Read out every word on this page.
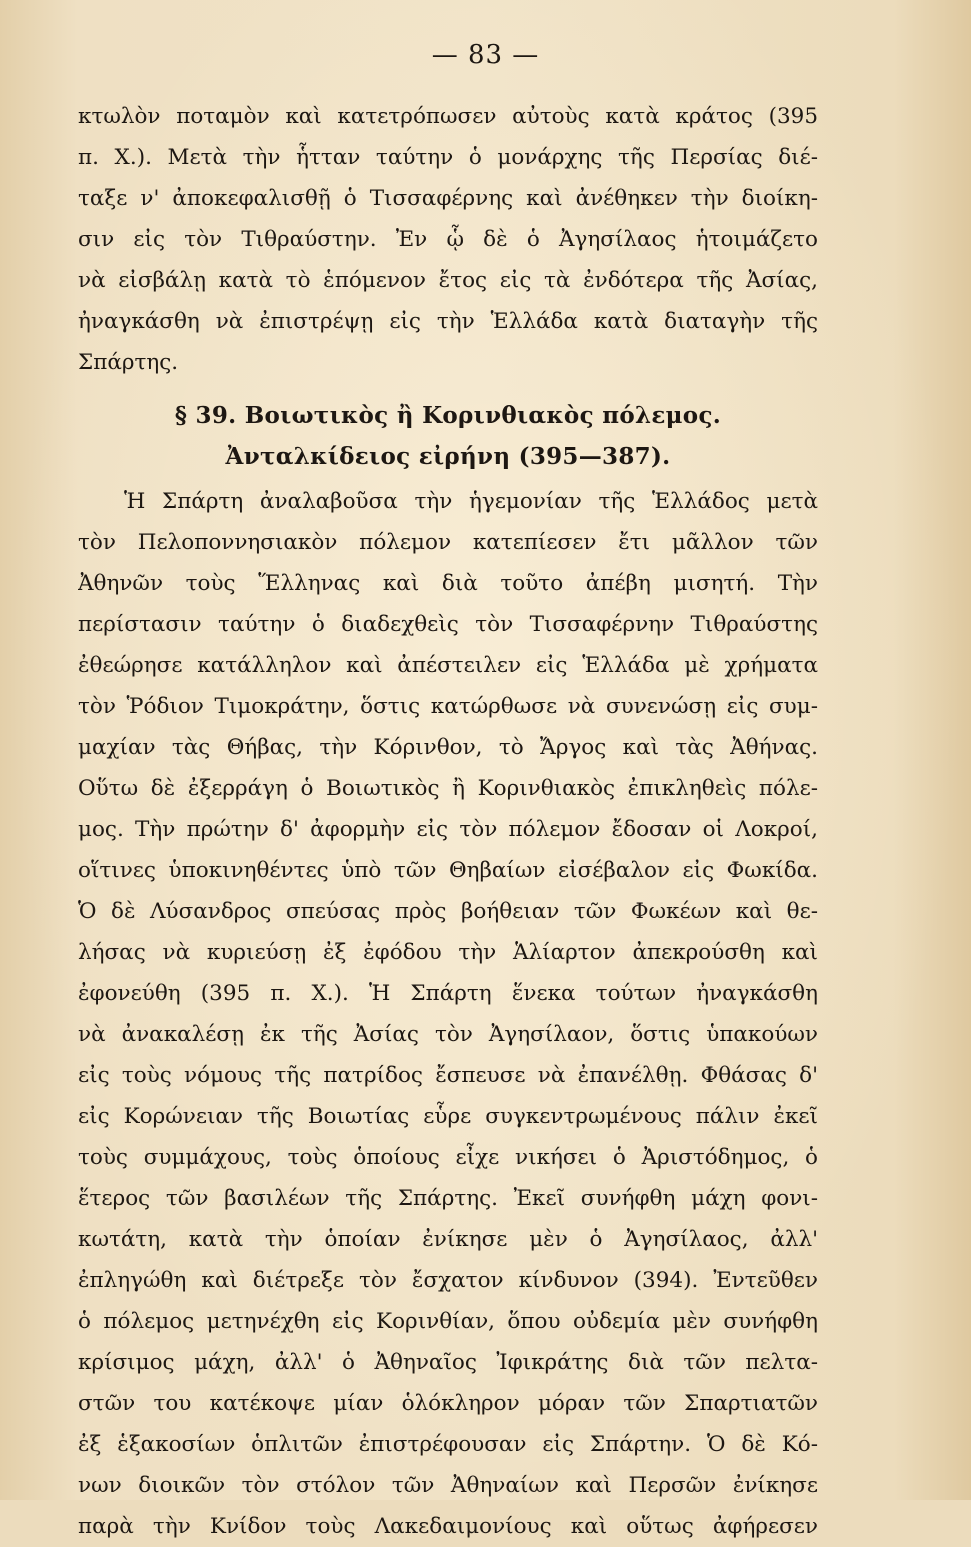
— 83 —
κτωλὸν ποταμὸν καὶ κατετρόπωσεν αὐτοὺς κατὰ κράτος (395
π. Χ.). Μετὰ τὴν ἧτταν ταύτην ὁ μονάρχης τῆς Περσίας διέ-
ταξε ν' ἀποκεφαλισθῇ ὁ Τισσαφέρνης καὶ ἀνέθηκεν τὴν διοίκη-
σιν εἰς τὸν Τιθραύστην. Ἐν ᾧ δὲ ὁ Ἀγησίλαος ἡτοιμάζετο
νὰ εἰσβάλῃ κατὰ τὸ ἑπόμενον ἔτος εἰς τὰ ἐνδότερα τῆς Ἀσίας,
ἠναγκάσθη νὰ ἐπιστρέψῃ εἰς τὴν Ἑλλάδα κατὰ διαταγὴν τῆς
Σπάρτης.
§ 39. Βοιωτικὸς ἢ Κορινθιακὸς πόλεμος.
Ἀνταλκίδειος εἰρήνη (395—387).
Ἡ Σπάρτη ἀναλαβοῦσα τὴν ἡγεμονίαν τῆς Ἑλλάδος μετὰ
τὸν Πελοποννησιακὸν πόλεμον κατεπίεσεν ἔτι μᾶλλον τῶν
Ἀθηνῶν τοὺς Ἕλληνας καὶ διὰ τοῦτο ἀπέβη μισητή. Τὴν
περίστασιν ταύτην ὁ διαδεχθεὶς τὸν Τισσαφέρνην Τιθραύστης
ἐθεώρησε κατάλληλον καὶ ἀπέστειλεν εἰς Ἑλλάδα μὲ χρήματα
τὸν Ῥόδιον Τιμοκράτην, ὅστις κατώρθωσε νὰ συνενώσῃ εἰς συμ-
μαχίαν τὰς Θήβας, τὴν Κόρινθον, τὸ Ἄργος καὶ τὰς Ἀθήνας.
Οὕτω δὲ ἐξερράγη ὁ Βοιωτικὸς ἢ Κορινθιακὸς ἐπικληθεὶς πόλε-
μος. Τὴν πρώτην δ' ἀφορμὴν εἰς τὸν πόλεμον ἔδοσαν οἱ Λοκροί,
οἵτινες ὑποκινηθέντες ὑπὸ τῶν Θηβαίων εἰσέβαλον εἰς Φωκίδα.
Ὁ δὲ Λύσανδρος σπεύσας πρὸς βοήθειαν τῶν Φωκέων καὶ θε-
λήσας νὰ κυριεύσῃ ἐξ ἐφόδου τὴν Ἁλίαρτον ἀπεκρούσθη καὶ
ἐφονεύθη (395 π. Χ.). Ἡ Σπάρτη ἕνεκα τούτων ἠναγκάσθη
νὰ ἀνακαλέσῃ ἐκ τῆς Ἀσίας τὸν Ἀγησίλαον, ὅστις ὑπακούων
εἰς τοὺς νόμους τῆς πατρίδος ἔσπευσε νὰ ἐπανέλθῃ. Φθάσας δ'
εἰς Κορώνειαν τῆς Βοιωτίας εὗρε συγκεντρωμένους πάλιν ἐκεῖ
τοὺς συμμάχους, τοὺς ὁποίους εἶχε νικήσει ὁ Ἀριστόδημος, ὁ
ἕτερος τῶν βασιλέων τῆς Σπάρτης. Ἐκεῖ συνήφθη μάχη φονι-
κωτάτη, κατὰ τὴν ὁποίαν ἐνίκησε μὲν ὁ Ἀγησίλαος, ἀλλ'
ἐπληγώθη καὶ διέτρεξε τὸν ἔσχατον κίνδυνον (394). Ἐντεῦθεν
ὁ πόλεμος μετηνέχθη εἰς Κορινθίαν, ὅπου οὐδεμία μὲν συνήφθη
κρίσιμος μάχη, ἀλλ' ὁ Ἀθηναῖος Ἰφικράτης διὰ τῶν πελτα-
στῶν του κατέκοψε μίαν ὁλόκληρον μόραν τῶν Σπαρτιατῶν
ἐξ ἑξακοσίων ὁπλιτῶν ἐπιστρέφουσαν εἰς Σπάρτην. Ὁ δὲ Κό-
νων διοικῶν τὸν στόλον τῶν Ἀθηναίων καὶ Περσῶν ἐνίκησε
παρὰ τὴν Κνίδον τοὺς Λακεδαιμονίους καὶ οὕτως ἀφήρεσεν
